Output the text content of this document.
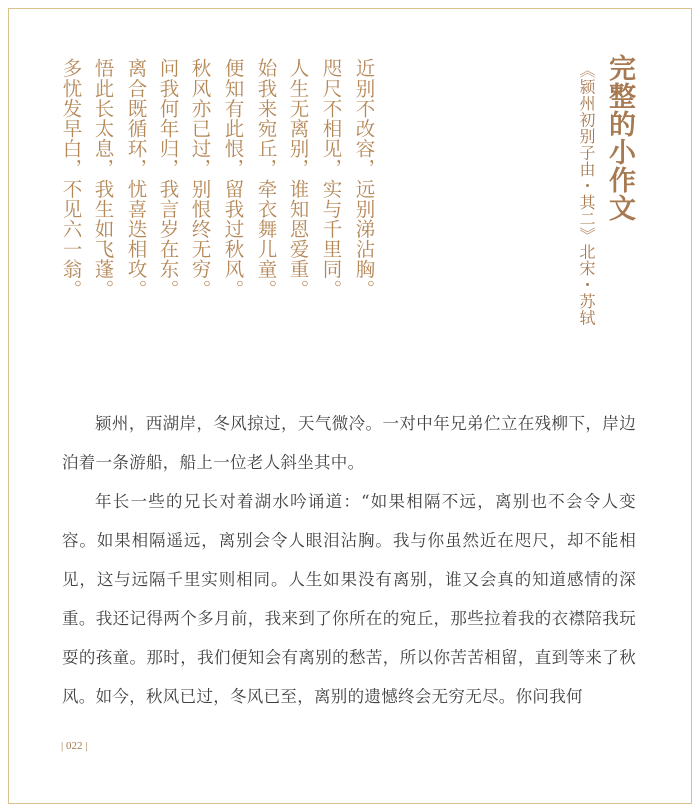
完整的小作文
《颍州初别子由・其二》北宋・苏轼
近别不改容，远别涕沾胸。
咫尺不相见，实与千里同。
人生无离别，谁知恩爱重。
始我来宛丘，牵衣舞儿童。
便知有此恨，留我过秋风。
秋风亦已过，别恨终无穷。
问我何年归，我言岁在东。
离合既循环，忧喜迭相攻。
悟此长太息，我生如飞蓬。
多忧发早白，不见六一翁。

颍州，西湖岸，冬风掠过，天气微冷。一对中年兄弟伫立在残柳下，岸边泊着一条游船，船上一位老人斜坐其中。

年长一些的兄长对着湖水吟诵道：“如果相隔不远，离别也不会令人变容。如果相隔遥远，离别会令人眼泪沾胸。我与你虽然近在咫尺，却不能相见，这与远隔千里实则相同。人生如果没有离别，谁又会真的知道感情的深重。我还记得两个多月前，我来到了你所在的宛丘，那些拉着我的衣襟陪我玩耍的孩童。那时，我们便知会有离别的愁苦，所以你苦苦相留，直到等来了秋风。如今，秋风已过，冬风已至，离别的遗憾终会无穷无尽。你问我何

| 022 |
